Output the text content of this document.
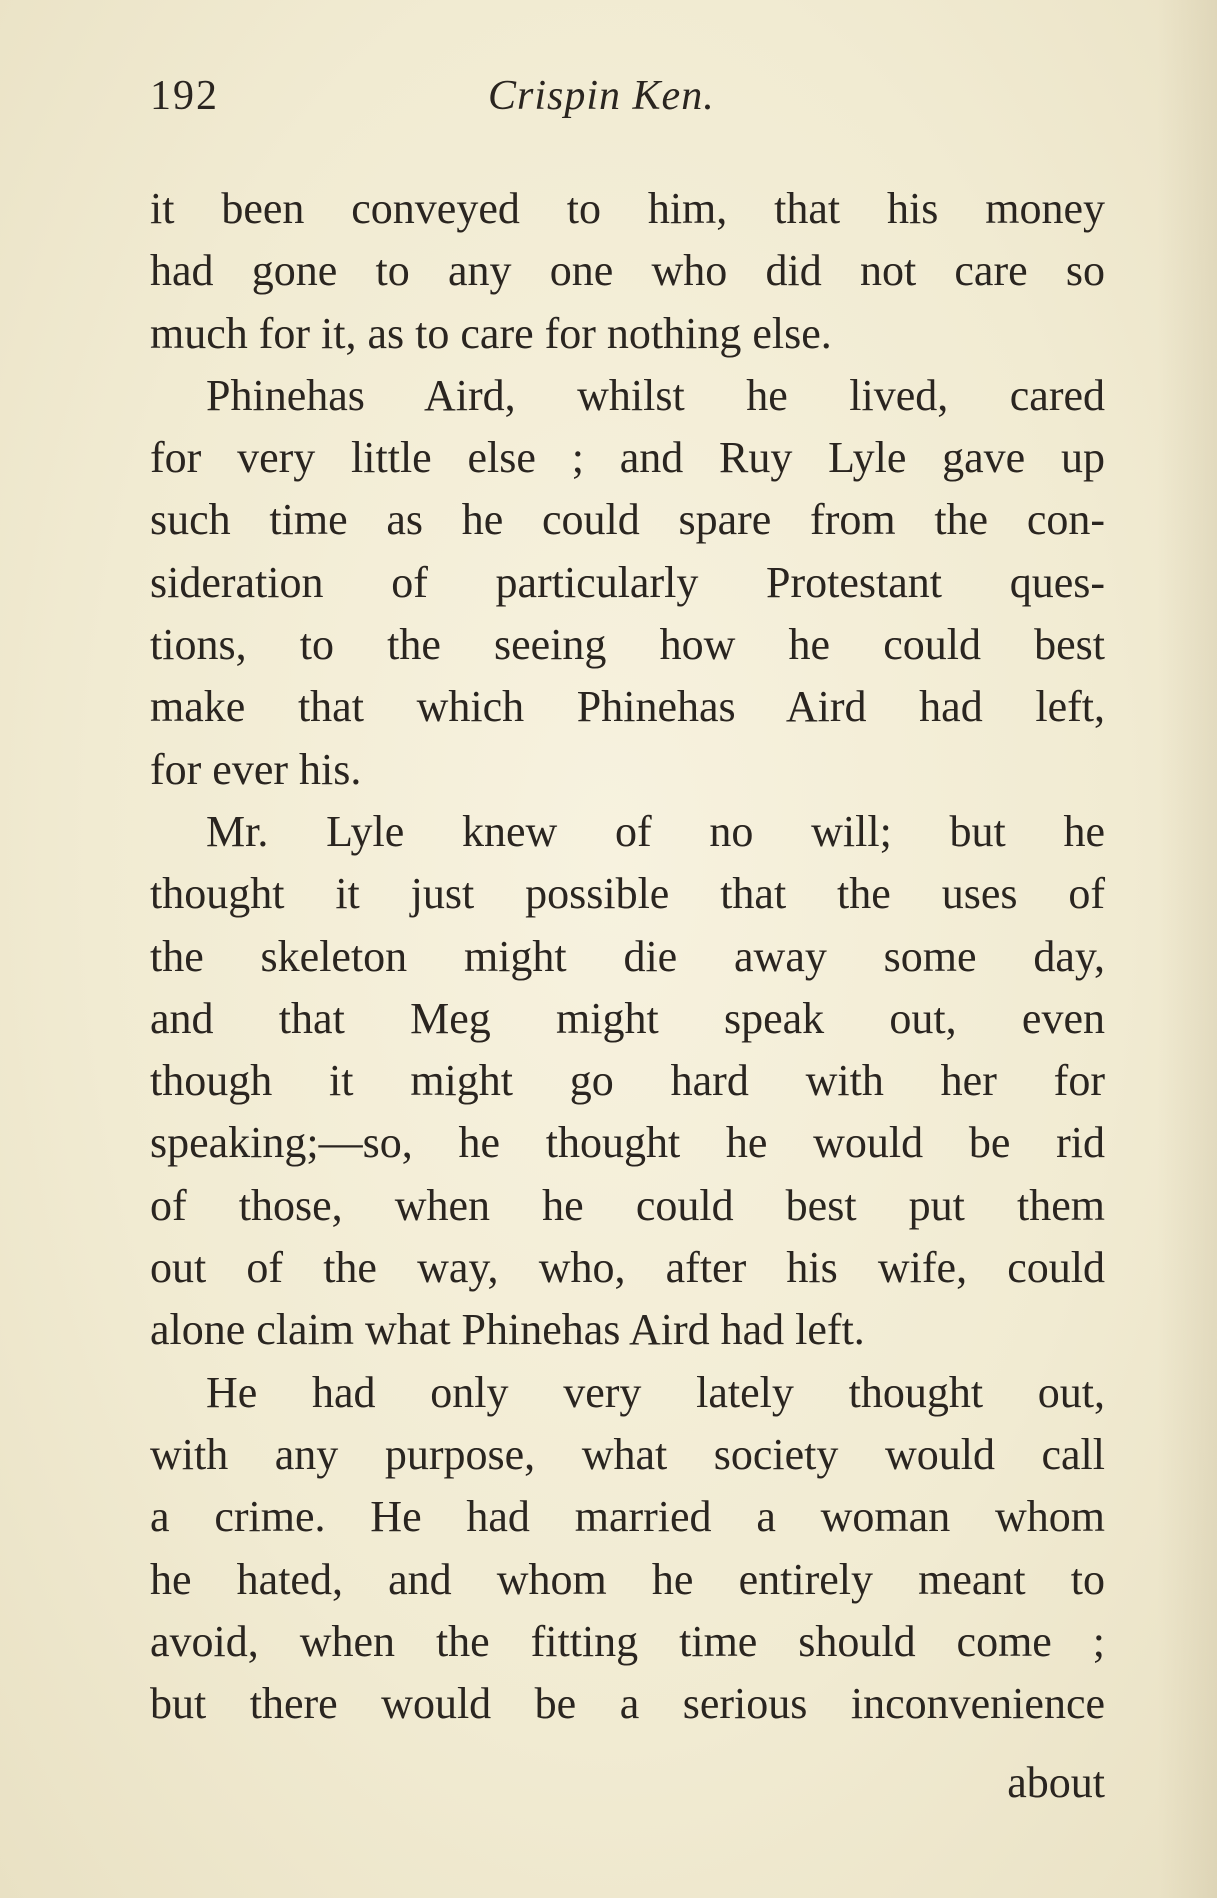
192	Crispin Ken.
it been conveyed to him, that his money
had gone to any one who did not care so
much for it, as to care for nothing else.
Phinehas Aird, whilst he lived, cared
for very little else ; and Ruy Lyle gave up
such time as he could spare from the con-
sideration of particularly Protestant ques-
tions, to the seeing how he could best
make that which Phinehas Aird had left,
for ever his.
Mr. Lyle knew of no will; but he
thought it just possible that the uses of
the skeleton might die away some day,
and that Meg might speak out, even
though it might go hard with her for
speaking;—so, he thought he would be rid
of those, when he could best put them
out of the way, who, after his wife, could
alone claim what Phinehas Aird had left.
He had only very lately thought out,
with any purpose, what society would call
a crime. He had married a woman whom
he hated, and whom he entirely meant to
avoid, when the fitting time should come ;
but there would be a serious inconvenience
about
